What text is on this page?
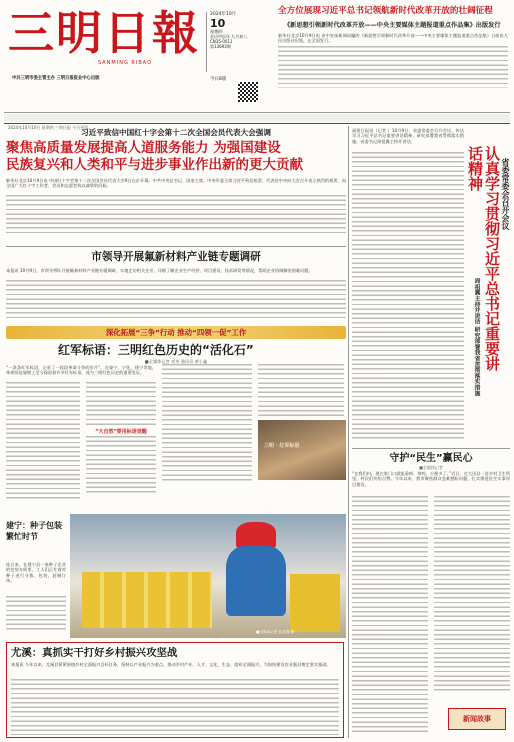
三明日報
SANMING RIBAO
2024年10月
10
星期四
农历甲辰年 九月初八
CN35-0011
第13693期
今日8版
中共三明市委主管主办 三明日报报业中心出版
全方位展现习近平总书记领航新时代改革开放的壮阔征程
《新思想引领新时代改革开放——中央主要媒体主题报道重点作品集》出版发行
新华社北京10月9日电 由中宣部新闻局编的《新思想引领新时代改革开放——中央主要媒体主题报道重点作品集》日前由人民出版社出版，在全国发行。
2024年10月10日 星期四 三明日报 今日导读
习近平致信中国红十字会第十二次全国会员代表大会强调
聚焦高质量发展提高人道服务能力 为强国建设
民族复兴和人类和平与进步事业作出新的更大贡献
新华社北京10月9日电 中国红十字会第十二次全国会员代表大会9日在京开幕。中共中央总书记、国家主席、中央军委主席习近平致信祝贺，代表党中央向大会召开表示热烈的祝贺，向全国广大红十字工作者、会员和志愿者致以诚挚的问候。
市领导开展氟新材料产业链专题调研
本报讯 10月9日，市领导带队开展氟新材料产业链专题调研，实地走访相关企业，详细了解企业生产经营、项目建设、技术研发等情况，帮助企业协调解决困难问题。
深化拓展“三争”行动 推动“四领一促”工作
红军标语：三明红色历史的“活化石”
■全媒体记者 麦麦 通讯员 黄小鑫
“一条条红军标语，记录了一段段革命斗争的岁月”。在泰宁、宁化、建宁等地，革命旧址墙壁上至今保留着许多红军标语，成为三明红色历史的重要见证。
“大自然”要用标语觉醒
三明 · 红军标语
建宁：种子包装 繁忙时节
连日来，在建宁县一家种子企业的包装车间里，工人们正忙着对种子进行分拣、包装，赶制订单。
■全媒体记者 何茗静 摄
尤溪：真抓实干打好乡村振兴攻坚战
本报讯 今年以来，尤溪县紧紧围绕乡村全面振兴目标任务，坚持以产业振兴为重点，推动乡村产业、人才、文化、生态、组织全面振兴，为加快建设农业强县奠定坚实基础。
福建日报讯（记者 ）10月9日，省委常委会召开会议，传达学习习近平总书记重要讲话精神，研究部署我省贯彻落实措施。省委书记周祖翼主持并讲话。
省委常委会召开会议
认真学习贯彻习近平总书记重要讲话精神
周祖翼主持并讲话 研究部署我省贯彻落实措施
守护“民生”赢民心
■全媒体记者
“在我们村，现在家门口就能看病、拿药，方便多了。”近日，在大田县一处乡村卫生所里，村民们纷纷点赞。今年以来，我市聚焦群众急难愁盼问题，扎实推进民生实事项目建设。
新闻故事
